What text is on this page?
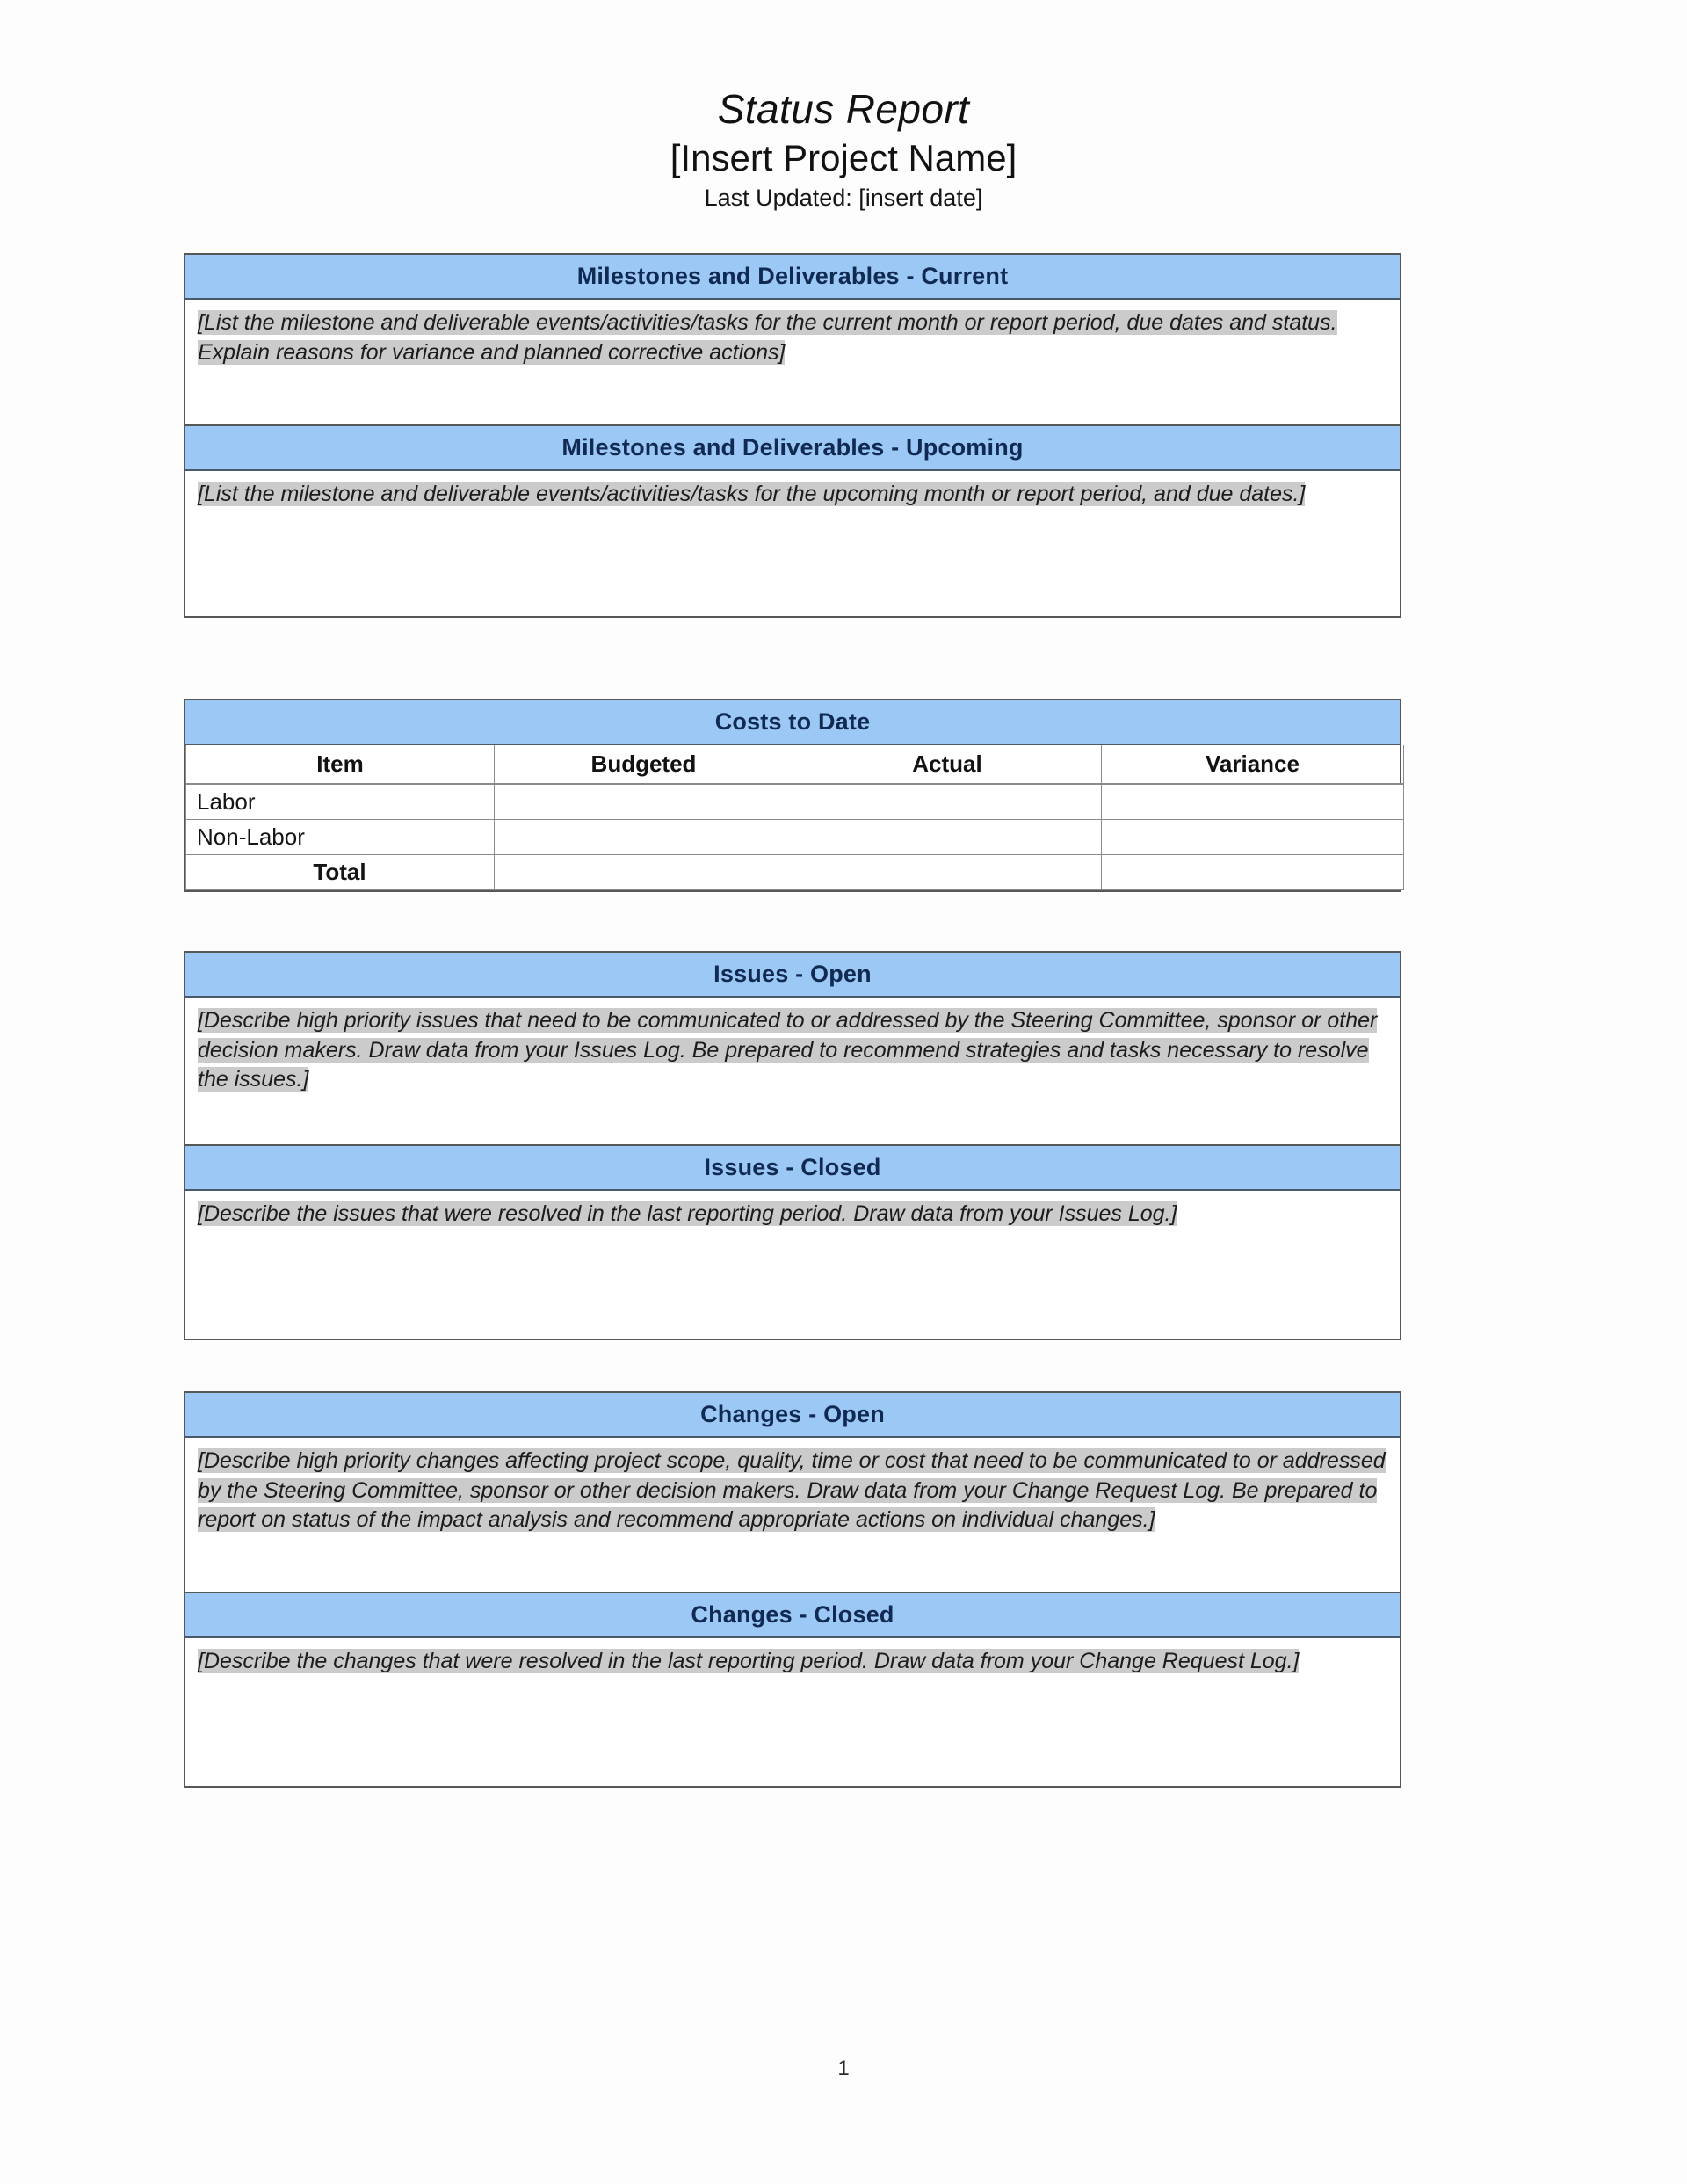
Status Report
[Insert Project Name]
Last Updated: [insert date]
Milestones and Deliverables - Current
[List the milestone and deliverable events/activities/tasks for the current month or report period, due dates and status. Explain reasons for variance and planned corrective actions]
Milestones and Deliverables - Upcoming
[List the milestone and deliverable events/activities/tasks for the upcoming month or report period, and due dates.]
Costs to Date
Item	Budgeted	Actual	Variance
Labor			
Non-Labor			
Total			
Issues - Open
[Describe high priority issues that need to be communicated to or addressed by the Steering Committee, sponsor or other decision makers. Draw data from your Issues Log. Be prepared to recommend strategies and tasks necessary to resolve the issues.]
Issues - Closed
[Describe the issues that were resolved in the last reporting period. Draw data from your Issues Log.]
Changes - Open
[Describe high priority changes affecting project scope, quality, time or cost that need to be communicated to or addressed by the Steering Committee, sponsor or other decision makers. Draw data from your Change Request Log. Be prepared to report on status of the impact analysis and recommend appropriate actions on individual changes.]
Changes - Closed
[Describe the changes that were resolved in the last reporting period. Draw data from your Change Request Log.]
1
